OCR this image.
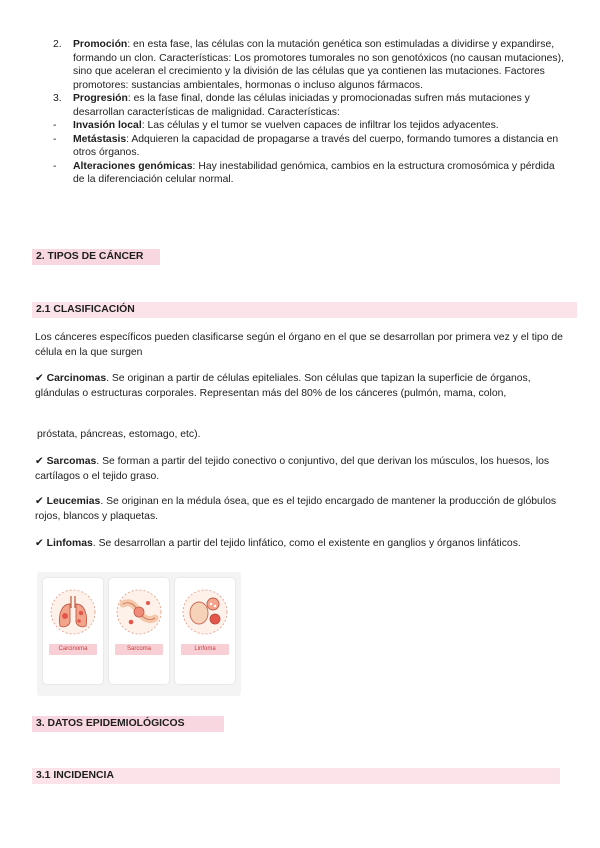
2. Promoción: en esta fase, las células con la mutación genética son estimuladas a dividirse y expandirse, formando un clon. Características: Los promotores tumorales no son genotóxicos (no causan mutaciones), sino que aceleran el crecimiento y la división de las células que ya contienen las mutaciones. Factores promotores: sustancias ambientales, hormonas o incluso algunos fármacos.
3. Progresión: es la fase final, donde las células iniciadas y promocionadas sufren más mutaciones y desarrollan características de malignidad. Características:
- Invasión local: Las células y el tumor se vuelven capaces de infiltrar los tejidos adyacentes.
- Metástasis: Adquieren la capacidad de propagarse a través del cuerpo, formando tumores a distancia en otros órganos.
- Alteraciones genómicas: Hay inestabilidad genómica, cambios en la estructura cromosómica y pérdida de la diferenciación celular normal.
2. TIPOS DE CÁNCER
2.1 CLASIFICACIÓN
Los cánceres específicos pueden clasificarse según el órgano en el que se desarrollan por primera vez y el tipo de célula en la que surgen
✔ Carcinomas. Se originan a partir de células epiteliales. Son células que tapizan la superficie de órganos, glándulas o estructuras corporales. Representan más del 80% de los cánceres (pulmón, mama, colon,
próstata, páncreas, estomago, etc).
✔ Sarcomas. Se forman a partir del tejido conectivo o conjuntivo, del que derivan los músculos, los huesos, los cartílagos o el tejido graso.
✔ Leucemias. Se originan en la médula ósea, que es el tejido encargado de mantener la producción de glóbulos rojos, blancos y plaquetas.
✔ Linfomas. Se desarrollan a partir del tejido linfático, como el existente en ganglios y órganos linfáticos.
Carcinoma	Sarcoma	Linfoma
3. DATOS EPIDEMIOLÓGICOS
3.1 INCIDENCIA
